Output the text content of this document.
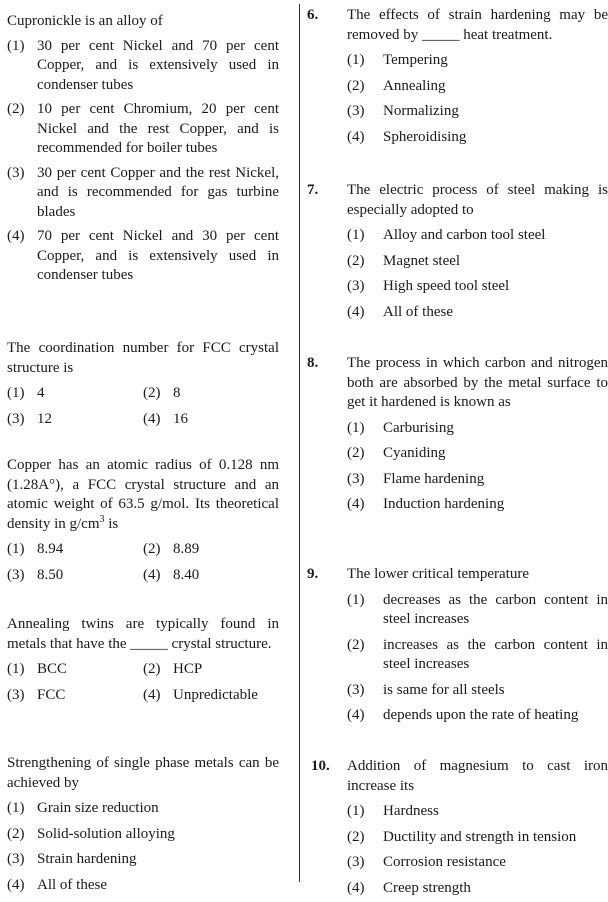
Cupronickle is an alloy of
(1) 30 per cent Nickel and 70 per cent Copper, and is extensively used in condenser tubes
(2) 10 per cent Chromium, 20 per cent Nickel and the rest Copper, and is recommended for boiler tubes
(3) 30 per cent Copper and the rest Nickel, and is recommended for gas turbine blades
(4) 70 per cent Nickel and 30 per cent Copper, and is extensively used in condenser tubes
The coordination number for FCC crystal structure is
(1) 4	(2) 8
(3) 12	(4) 16
Copper has an atomic radius of 0.128 nm (1.28A°), a FCC crystal structure and an atomic weight of 63.5 g/mol. Its theoretical density in $g/cm^3$ is
(1) 8.94	(2) 8.89
(3) 8.50	(4) 8.40
Annealing twins are typically found in metals that have the _____ crystal structure.
(1) BCC	(2) HCP
(3) FCC	(4) Unpredictable
Strengthening of single phase metals can be achieved by
(1) Grain size reduction
(2) Solid-solution alloying
(3) Strain hardening
(4) All of these
6. The effects of strain hardening may be removed by _____ heat treatment.
(1)	Tempering
(2)	Annealing
(3)	Normalizing
(4)	Spheroidising
7. The electric process of steel making is especially adopted to
(1)	Alloy and carbon tool steel
(2)	Magnet steel
(3)	High speed tool steel
(4)	All of these
8. The process in which carbon and nitrogen both are absorbed by the metal surface to get it hardened is known as
(1)	Carburising
(2)	Cyaniding
(3)	Flame hardening
(4)	Induction hardening
9. The lower critical temperature
(1)	decreases as the carbon content in steel increases
(2)	increases as the carbon content in steel increases
(3)	is same for all steels
(4)	depends upon the rate of heating
10. Addition of magnesium to cast iron increase its
(1)	Hardness
(2)	Ductility and strength in tension
(3)	Corrosion resistance
(4)	Creep strength
